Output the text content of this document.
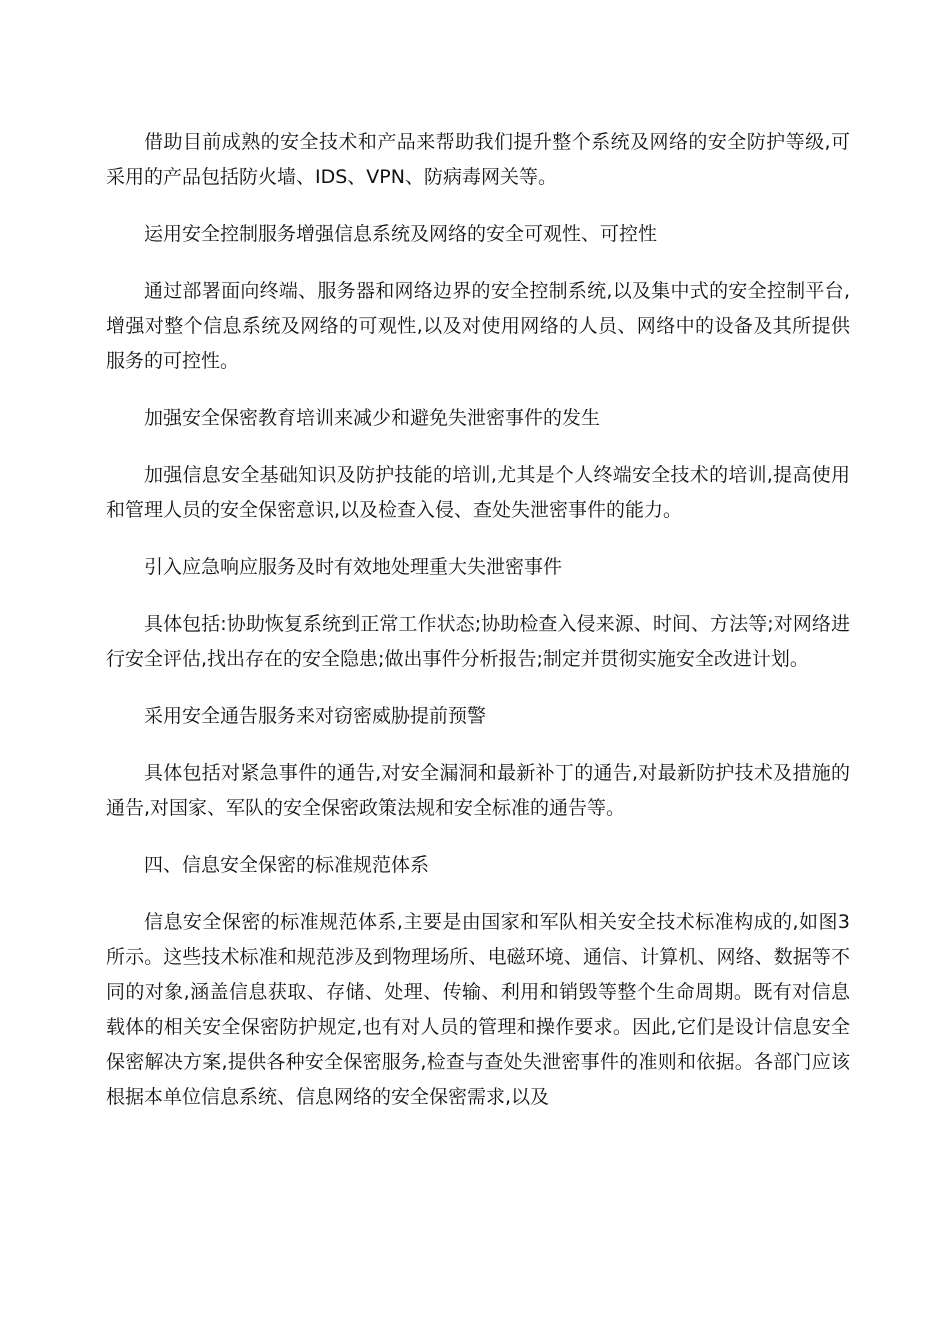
借助目前成熟的安全技术和产品来帮助我们提升整个系统及网络的安全防护等级,可采用的产品包括防火墙、IDS、VPN、防病毒网关等。

运用安全控制服务增强信息系统及网络的安全可观性、可控性

通过部署面向终端、服务器和网络边界的安全控制系统,以及集中式的安全控制平台,增强对整个信息系统及网络的可观性,以及对使用网络的人员、网络中的设备及其所提供服务的可控性。

加强安全保密教育培训来减少和避免失泄密事件的发生

加强信息安全基础知识及防护技能的培训,尤其是个人终端安全技术的培训,提高使用和管理人员的安全保密意识,以及检查入侵、查处失泄密事件的能力。

引入应急响应服务及时有效地处理重大失泄密事件

具体包括:协助恢复系统到正常工作状态;协助检查入侵来源、时间、方法等;对网络进行安全评估,找出存在的安全隐患;做出事件分析报告;制定并贯彻实施安全改进计划。

采用安全通告服务来对窃密威胁提前预警

具体包括对紧急事件的通告,对安全漏洞和最新补丁的通告,对最新防护技术及措施的通告,对国家、军队的安全保密政策法规和安全标准的通告等。

四、信息安全保密的标准规范体系

信息安全保密的标准规范体系,主要是由国家和军队相关安全技术标准构成的,如图3所示。这些技术标准和规范涉及到物理场所、电磁环境、通信、计算机、网络、数据等不同的对象,涵盖信息获取、存储、处理、传输、利用和销毁等整个生命周期。既有对信息载体的相关安全保密防护规定,也有对人员的管理和操作要求。因此,它们是设计信息安全保密解决方案,提供各种安全保密服务,检查与查处失泄密事件的准则和依据。各部门应该根据本单位信息系统、信息网络的安全保密需求,以及
